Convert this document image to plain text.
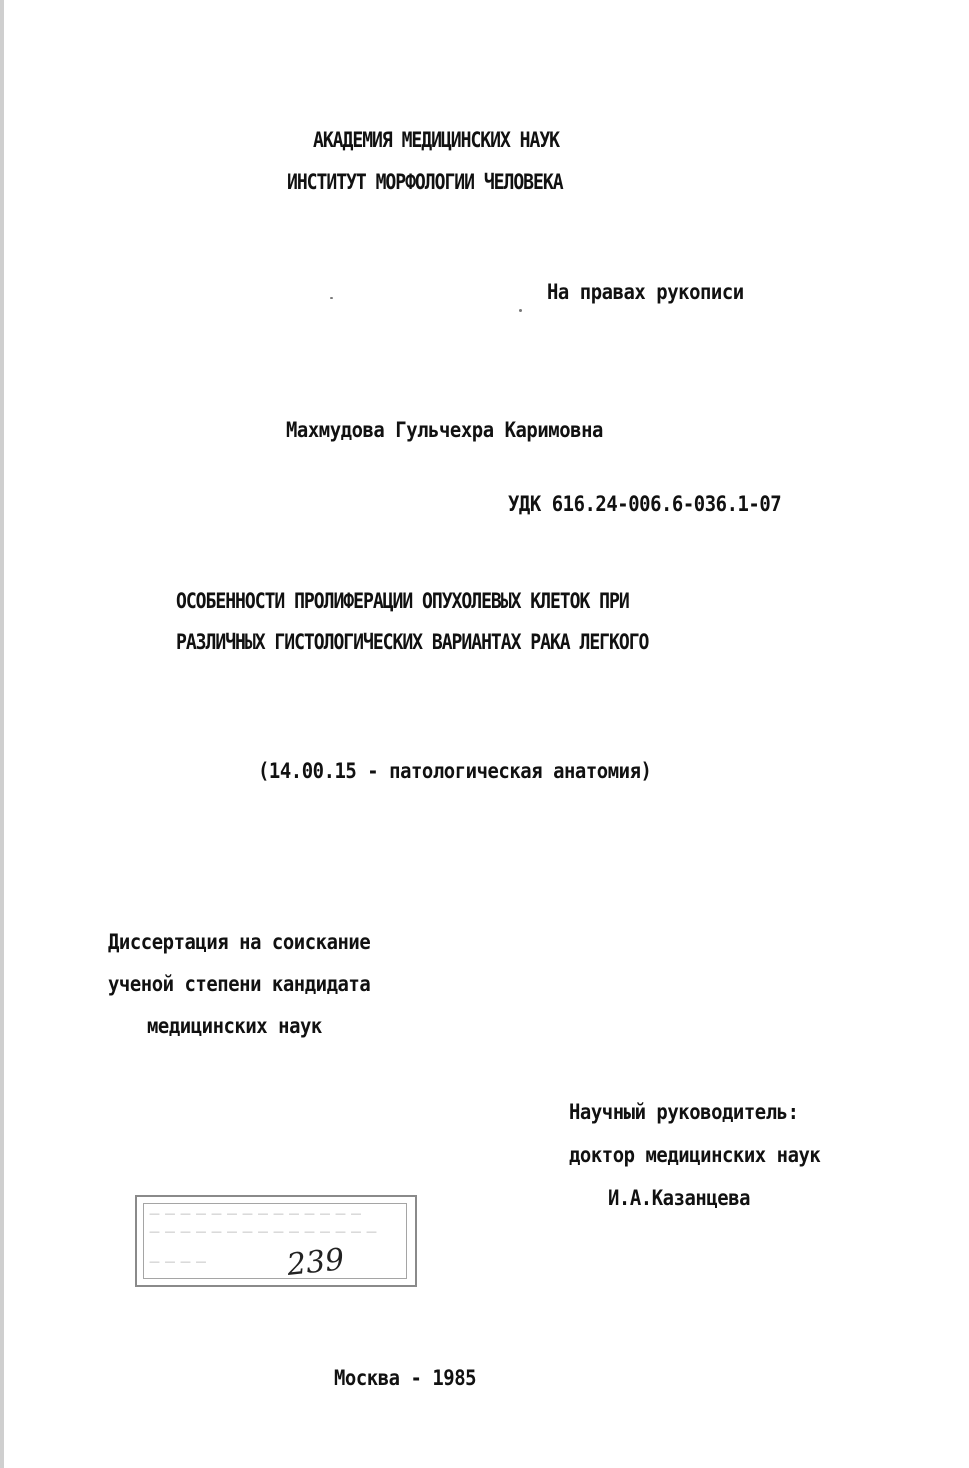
АКАДЕМИЯ МЕДИЦИНСКИХ НАУК
ИНСТИТУТ МОРФОЛОГИИ ЧЕЛОВЕКА
На правах рукописи
Махмудова Гульчехра Каримовна
УДК 616.24-006.6-036.1-07
ОСОБЕННОСТИ ПРОЛИФЕРАЦИИ ОПУХОЛЕВЫХ КЛЕТОК ПРИ
РАЗЛИЧНЫХ ГИСТОЛОГИЧЕСКИХ ВАРИАНТАХ РАКА ЛЕГКОГО
(14.00.15 - патологическая анатомия)
Диссертация на соискание
ученой степени кандидата
медицинских наук
Научный руководитель:
доктор медицинских наук
И.А.Казанцева
— — — — — — — — — — — — — —
— — — — — — — — — — — — — — —
— — — —	239
Москва - 1985
